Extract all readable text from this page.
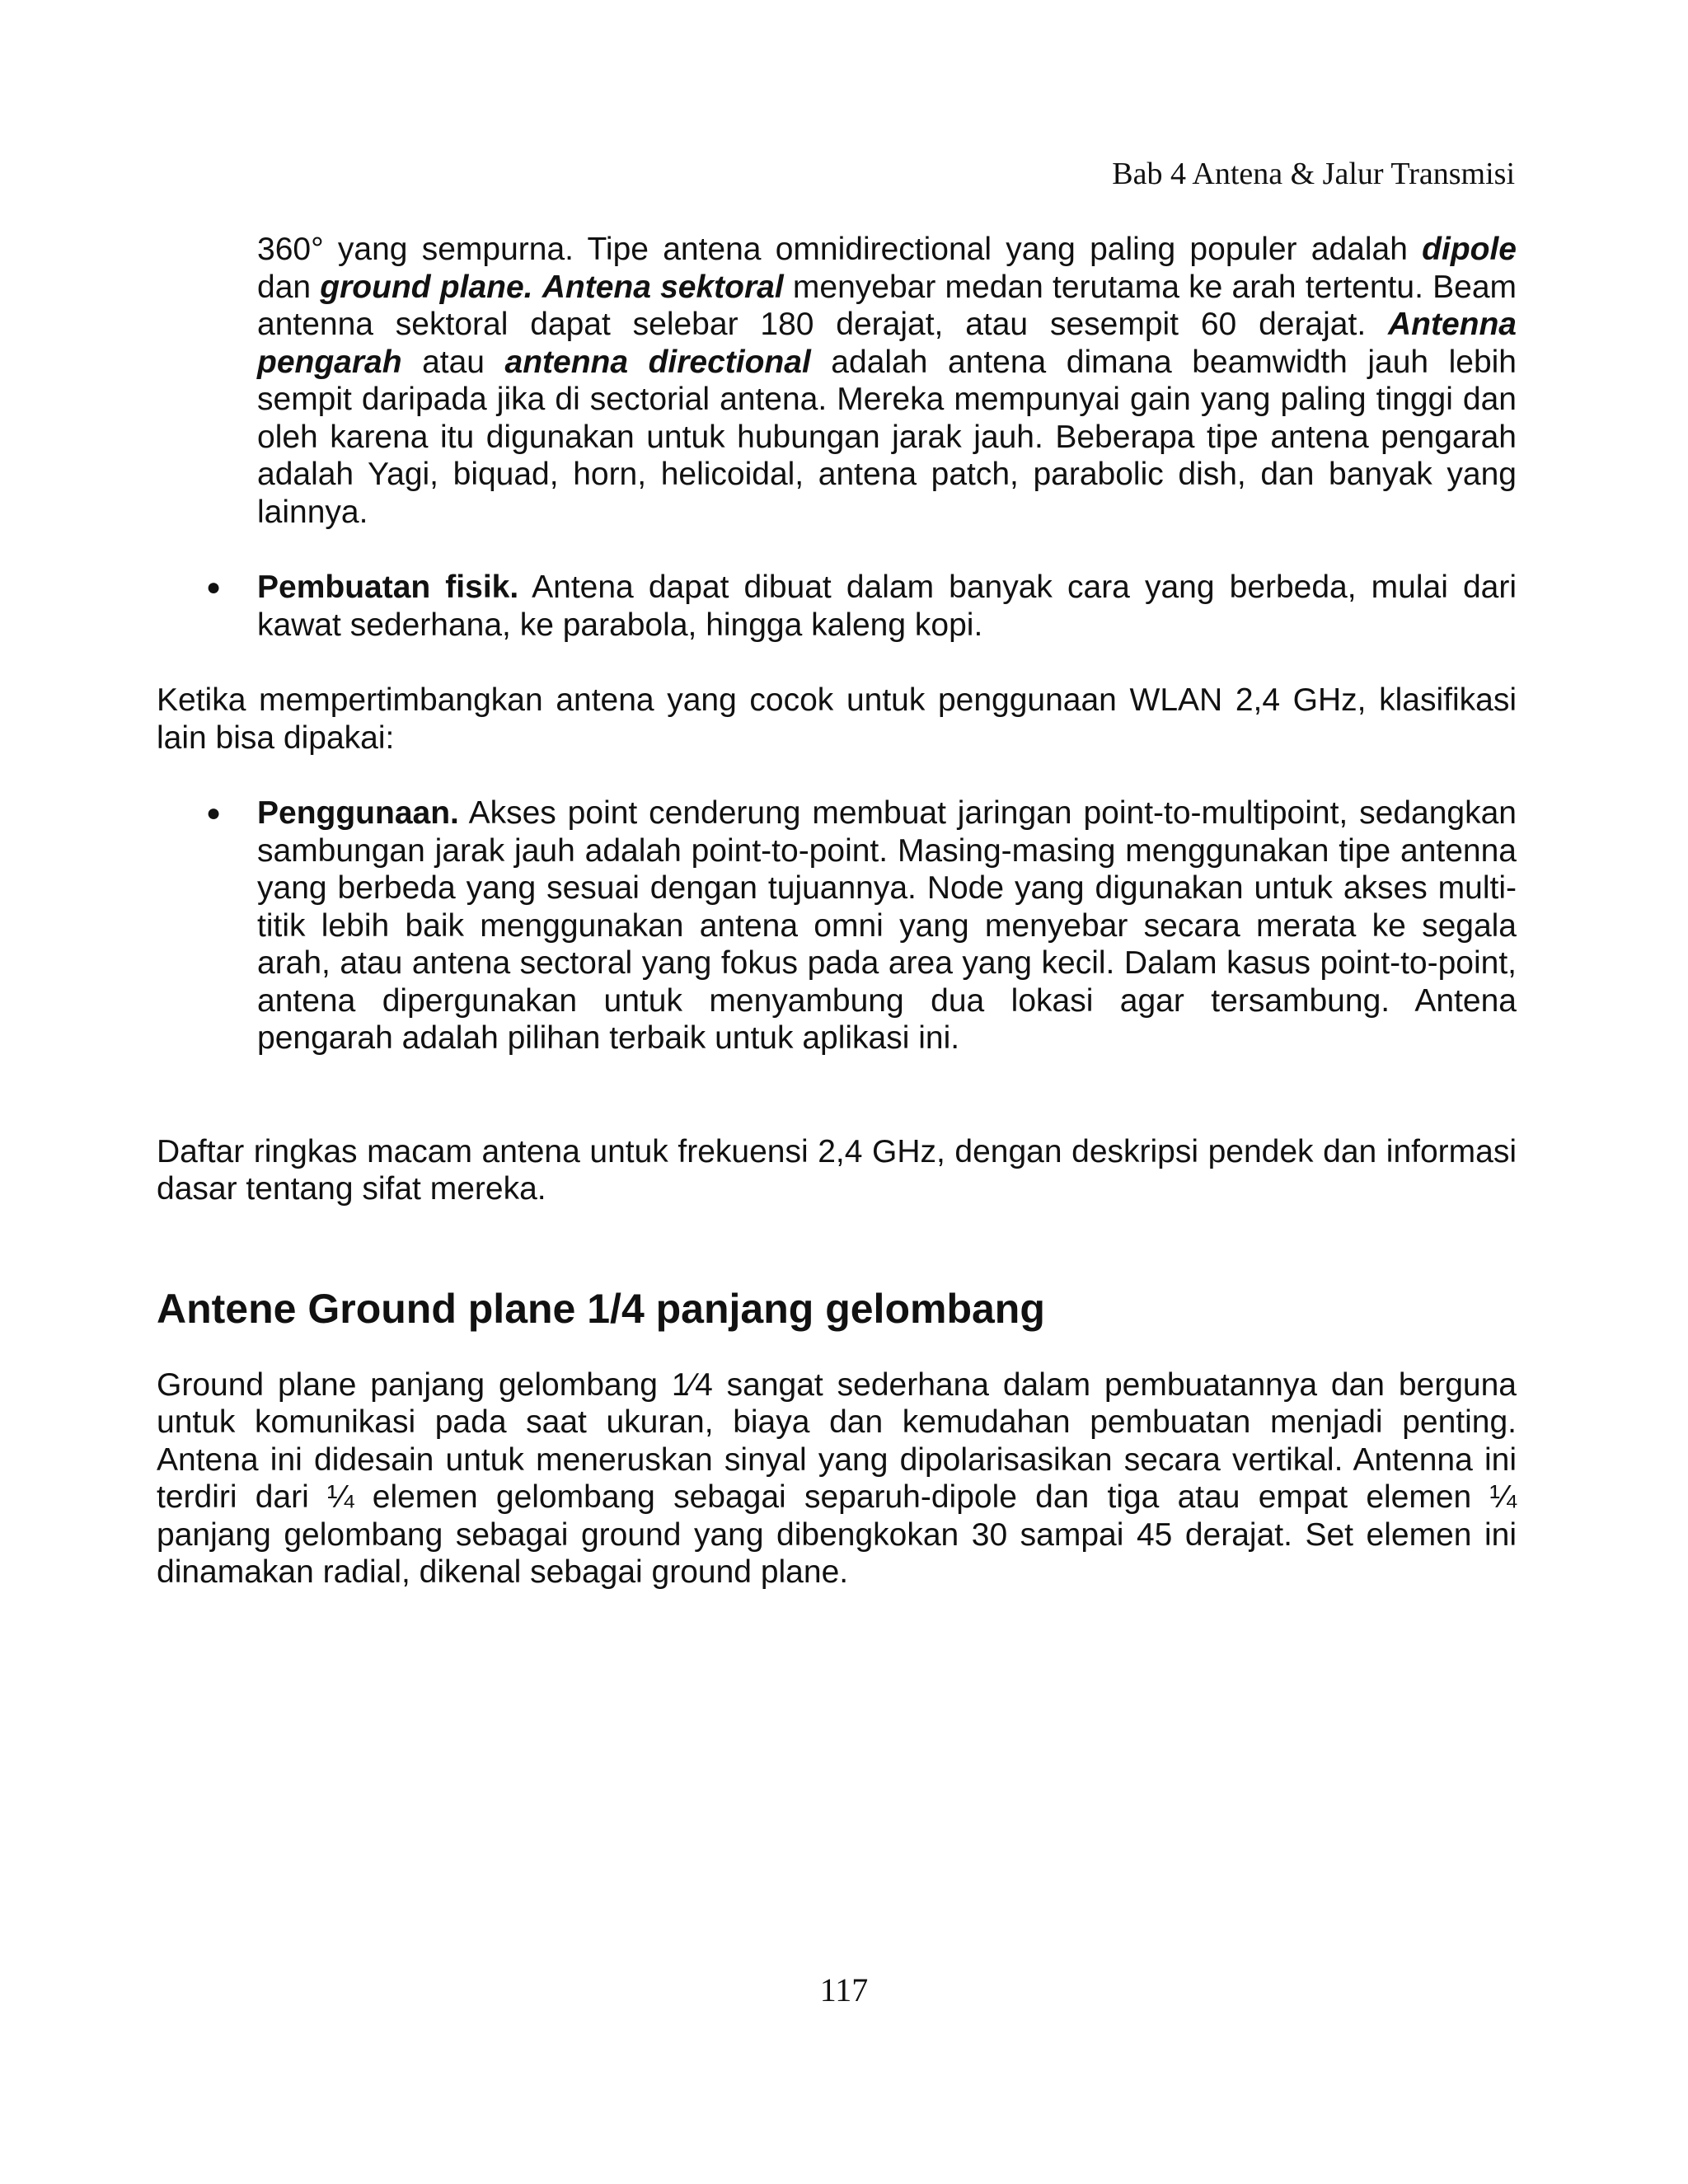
Bab 4 Antena & Jalur Transmisi

360° yang sempurna. Tipe antena omnidirectional yang paling populer adalah dipole dan ground plane. Antena sektoral menyebar medan terutama ke arah tertentu. Beam antenna sektoral dapat selebar 180 derajat, atau sesempit 60 derajat. Antenna pengarah atau antenna directional adalah antena dimana beamwidth jauh lebih sempit daripada jika di sectorial antena. Mereka mempunyai gain yang paling tinggi dan oleh karena itu digunakan untuk hubungan jarak jauh. Beberapa tipe antena pengarah adalah Yagi, biquad, horn, helicoidal, antena patch, parabolic dish, dan banyak yang lainnya.

● Pembuatan fisik. Antena dapat dibuat dalam banyak cara yang berbeda, mulai dari kawat sederhana, ke parabola, hingga kaleng kopi.

Ketika mempertimbangkan antena yang cocok untuk penggunaan WLAN 2,4 GHz, klasifikasi lain bisa dipakai:

● Penggunaan. Akses point cenderung membuat jaringan point-to-multipoint, sedangkan sambungan jarak jauh adalah point-to-point. Masing-masing menggunakan tipe antenna yang berbeda yang sesuai dengan tujuannya. Node yang digunakan untuk akses multi-titik lebih baik menggunakan antena omni yang menyebar secara merata ke segala arah, atau antena sectoral yang fokus pada area yang kecil. Dalam kasus point-to-point, antena dipergunakan untuk menyambung dua lokasi agar tersambung. Antena pengarah adalah pilihan terbaik untuk aplikasi ini.

Daftar ringkas macam antena untuk frekuensi 2,4 GHz, dengan deskripsi pendek dan informasi dasar tentang sifat mereka.

Antene Ground plane 1/4 panjang gelombang

Ground plane panjang gelombang 1⁄4 sangat sederhana dalam pembuatannya dan berguna untuk komunikasi pada saat ukuran, biaya dan kemudahan pembuatan menjadi penting. Antena ini didesain untuk meneruskan sinyal yang dipolarisasikan secara vertikal. Antenna ini terdiri dari ¼ elemen gelombang sebagai separuh-dipole dan tiga atau empat elemen ¼ panjang gelombang sebagai ground yang dibengkokan 30 sampai 45 derajat. Set elemen ini dinamakan radial, dikenal sebagai ground plane.

117
